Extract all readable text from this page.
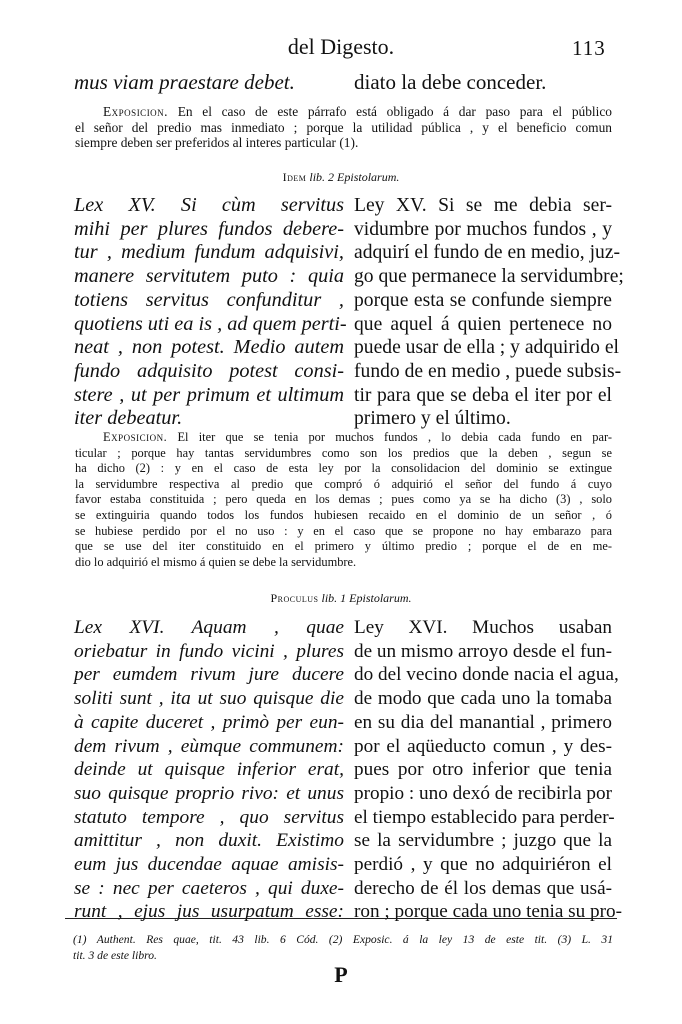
del Digesto.	113
mus viam praestare debet.	diato la debe conceder.
Exposicion. En el caso de este párrafo está obligado á dar paso para el público
el señor del predio mas inmediato ; porque la utilidad pública , y el beneficio comun
siempre deben ser preferidos al interes particular (1).
Idem lib. 2 Epistolarum.
Lex XV. Si cùm servitus
mihi per plures fundos debere-
tur , medium fundum adquisivi,
manere servitutem puto : quia
totiens servitus confunditur ,
quotiens uti ea is , ad quem perti-
neat , non potest. Medio autem
fundo adquisito potest consi-
stere , ut per primum et ultimum
iter debeatur.
Ley XV. Si se me debia ser-
vidumbre por muchos fundos , y
adquirí el fundo de en medio, juz-
go que permanece la servidumbre;
porque esta se confunde siempre
que aquel á quien pertenece no
puede usar de ella ; y adquirido el
fundo de en medio , puede subsis-
tir para que se deba el iter por el
primero y el último.
Exposicion. El iter que se tenia por muchos fundos , lo debia cada fundo en par-
ticular ; porque hay tantas servidumbres como son los predios que la deben , segun se
ha dicho (2) : y en el caso de esta ley por la consolidacion del dominio se extingue
la servidumbre respectiva al predio que compró ó adquirió el señor del fundo á cuyo
favor estaba constituida ; pero queda en los demas ; pues como ya se ha dicho (3) , solo
se extinguiria quando todos los fundos hubiesen recaido en el dominio de un señor , ó
se hubiese perdido por el no uso : y en el caso que se propone no hay embarazo para
que se use del iter constituido en el primero y último predio ; porque el de en me-
dio lo adquirió el mismo á quien se debe la servidumbre.
Proculus lib. 1 Epistolarum.
Lex XVI. Aquam , quae
oriebatur in fundo vicini , plures
per eumdem rivum jure ducere
soliti sunt , ita ut suo quisque die
à capite duceret , primò per eun-
dem rivum , eùmque communem:
deinde ut quisque inferior erat,
suo quisque proprio rivo: et unus
statuto tempore , quo servitus
amittitur , non duxit. Existimo
eum jus ducendae aquae amisis-
se : nec per caeteros , qui duxe-
runt , ejus jus usurpatum esse:
Ley XVI. Muchos usaban
de un mismo arroyo desde el fun-
do del vecino donde nacia el agua,
de modo que cada uno la tomaba
en su dia del manantial , primero
por el aqüeducto comun , y des-
pues por otro inferior que tenia
propio : uno dexó de recibirla por
el tiempo establecido para perder-
se la servidumbre ; juzgo que la
perdió , y que no adquiriéron el
derecho de él los demas que usá-
ron ; porque cada uno tenia su pro-
(1) Authent. Res quae, tit. 43 lib. 6 Cód. (2) Exposic. á la ley 13 de este tit. (3) L. 31
tit. 3 de este libro.
P
